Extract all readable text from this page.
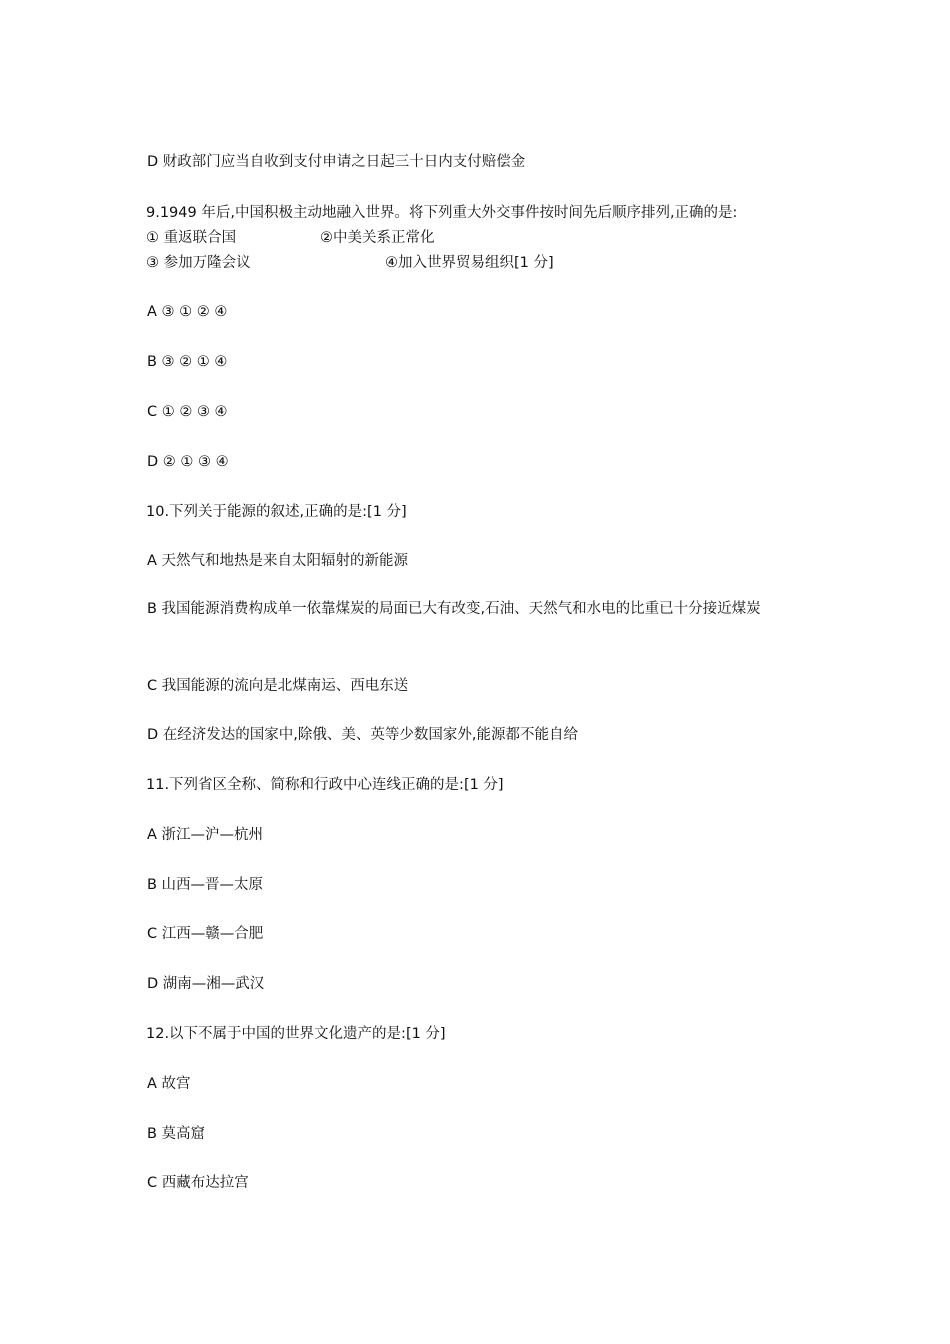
D 财政部门应当自收到支付申请之日起三十日内支付赔偿金
9.1949 年后,中国积极主动地融入世界。将下列重大外交事件按时间先后顺序排列,正确的是:
① 重返联合国	②中美关系正常化
③ 参加万隆会议	④加入世界贸易组织[1 分]
A ③ ① ② ④
B ③ ② ① ④
C ① ② ③ ④
D ② ① ③ ④
10.下列关于能源的叙述,正确的是:[1 分]
A 天然气和地热是来自太阳辐射的新能源
B 我国能源消费构成单一依靠煤炭的局面已大有改变,石油、天然气和水电的比重已十分接近煤炭
C 我国能源的流向是北煤南运、西电东送
D 在经济发达的国家中,除俄、美、英等少数国家外,能源都不能自给
11.下列省区全称、简称和行政中心连线正确的是:[1 分]
A 浙江—沪—杭州
B 山西—晋—太原
C 江西—赣—合肥
D 湖南—湘—武汉
12.以下不属于中国的世界文化遗产的是:[1 分]
A 故宫
B 莫高窟
C 西藏布达拉宫
